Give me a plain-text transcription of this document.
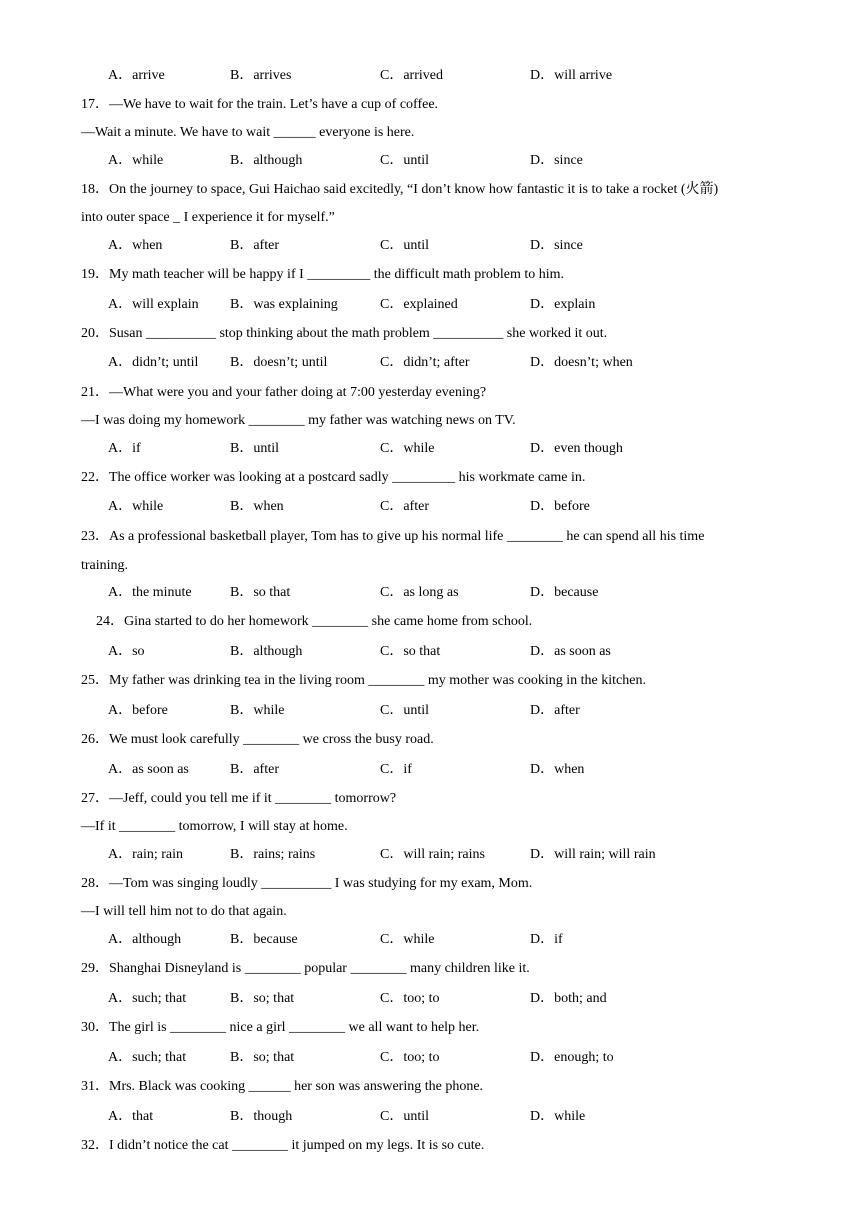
A．arrive	B．arrives	C．arrived	D．will arrive
17．—We have to wait for the train. Let’s have a cup of coffee.
—Wait a minute. We have to wait ______ everyone is here.
A．while	B．although	C．until	D．since
18．On the journey to space, Gui Haichao said excitedly, “I don’t know how fantastic it is to take a rocket (火箭)
into outer space _ I experience it for myself.”
A．when	B．after	C．until	D．since
19．My math teacher will be happy if I _________ the difficult math problem to him.
A．will explain B．was explaining	C．explained	D．explain
20．Susan __________ stop thinking about the math problem __________ she worked it out.
A．didn’t; until B．doesn’t; until	C．didn’t; after	D．doesn’t; when
21．—What were you and your father doing at 7:00 yesterday evening?
—I was doing my homework ________ my father was watching news on TV.
A．if	B．until	C．while	D．even though
22．The office worker was looking at a postcard sadly _________ his workmate came in.
A．while	B．when	C．after	D．before
23．As a professional basketball player, Tom has to give up his normal life ________ he can spend all his time
training.
A．the minute	B．so that	C．as long as	D．because
24．Gina started to do her homework ________ she came home from school.
A．so	B．although	C．so that	D．as soon as
25．My father was drinking tea in the living room ________ my mother was cooking in the kitchen.
A．before	B．while	C．until	D．after
26．We must look carefully ________ we cross the busy road.
A．as soon as	B．after	C．if	D．when
27．—Jeff, could you tell me if it ________ tomorrow?
—If it ________ tomorrow, I will stay at home.
A．rain; rain	B．rains; rains	C．will rain; rains	D．will rain; will rain
28．—Tom was singing loudly __________ I was studying for my exam, Mom.
—I will tell him not to do that again.
A．although	B．because	C．while	D．if
29．Shanghai Disneyland is ________ popular ________ many children like it.
A．such; that	B．so; that	C．too; to	D．both; and
30．The girl is ________ nice a girl ________ we all want to help her.
A．such; that	B．so; that	C．too; to	D．enough; to
31．Mrs. Black was cooking ______ her son was answering the phone.
A．that	B．though	C．until	D．while
32．I didn’t notice the cat ________ it jumped on my legs. It is so cute.
